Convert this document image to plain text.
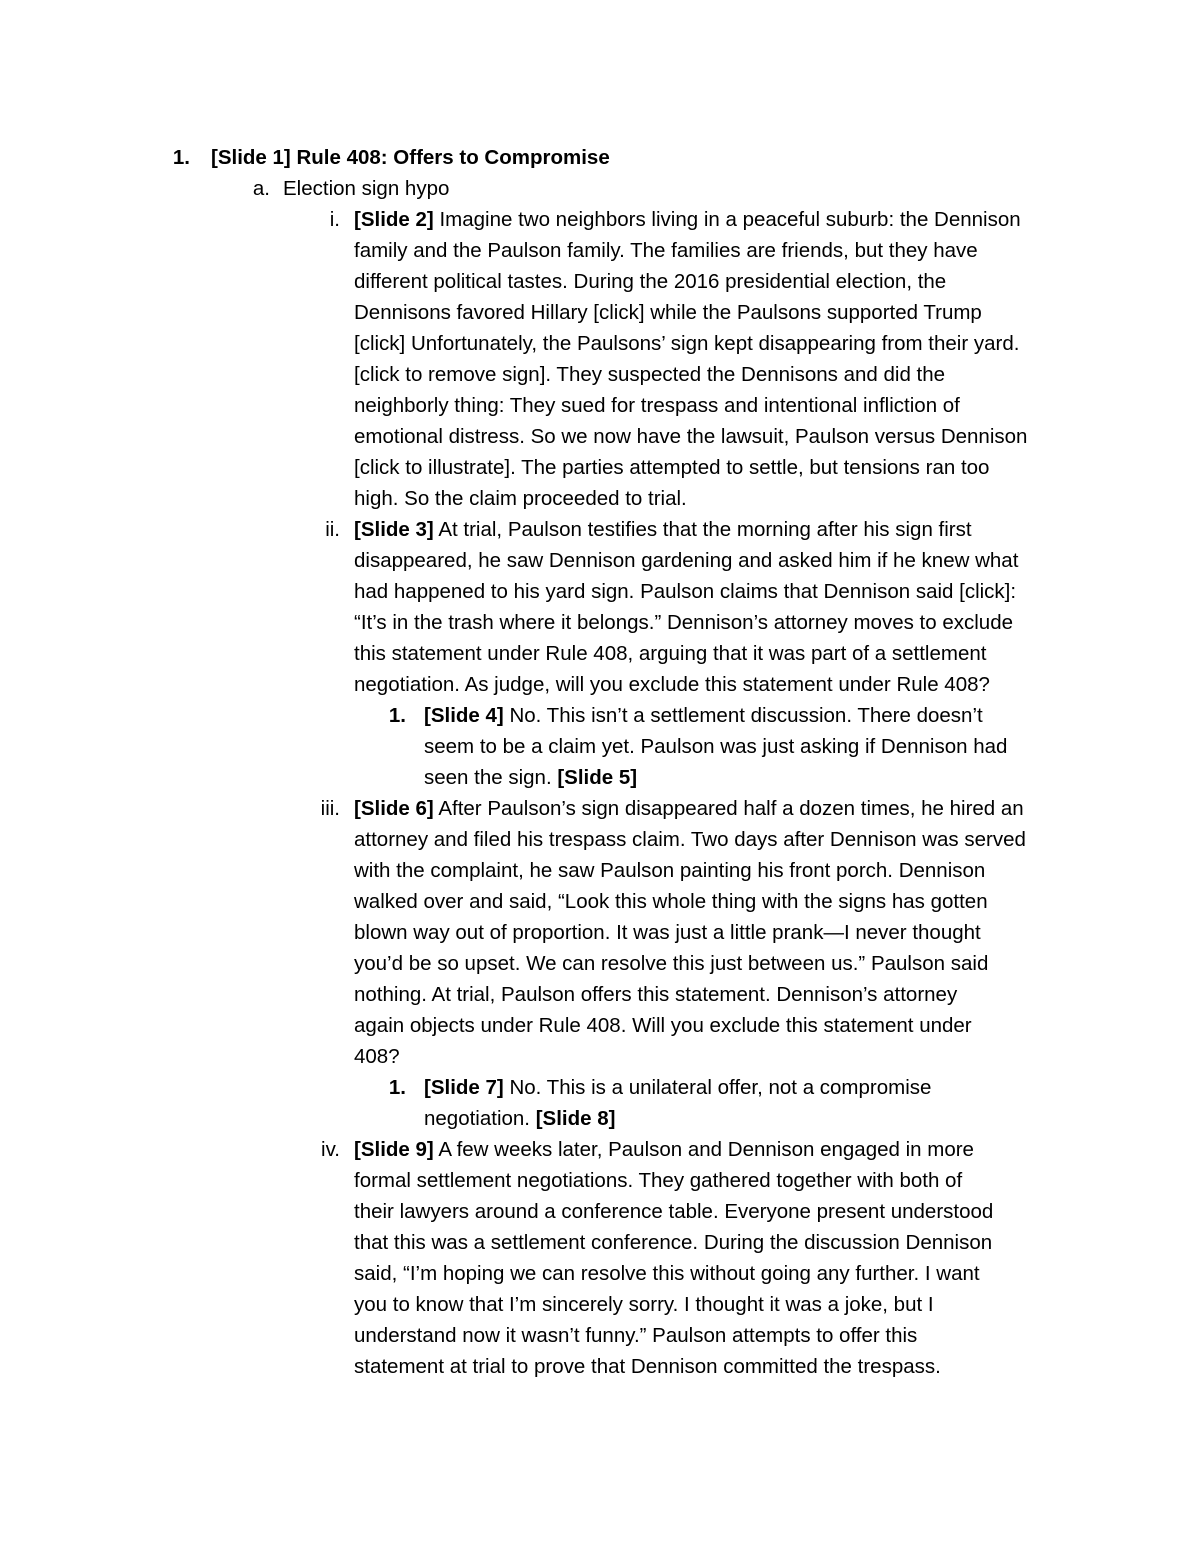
1. [Slide 1] Rule 408: Offers to Compromise
a. Election sign hypo
i. [Slide 2] Imagine two neighbors living in a peaceful suburb: the Dennison
family and the Paulson family. The families are friends, but they have
different political tastes. During the 2016 presidential election, the
Dennisons favored Hillary [click] while the Paulsons supported Trump
[click] Unfortunately, the Paulsons’ sign kept disappearing from their yard.
[click to remove sign]. They suspected the Dennisons and did the
neighborly thing: They sued for trespass and intentional infliction of
emotional distress. So we now have the lawsuit, Paulson versus Dennison
[click to illustrate]. The parties attempted to settle, but tensions ran too
high. So the claim proceeded to trial.
ii. [Slide 3] At trial, Paulson testifies that the morning after his sign first
disappeared, he saw Dennison gardening and asked him if he knew what
had happened to his yard sign. Paulson claims that Dennison said [click]:
“It’s in the trash where it belongs.” Dennison’s attorney moves to exclude
this statement under Rule 408, arguing that it was part of a settlement
negotiation. As judge, will you exclude this statement under Rule 408?
1. [Slide 4] No. This isn’t a settlement discussion. There doesn’t
seem to be a claim yet. Paulson was just asking if Dennison had
seen the sign. [Slide 5]
iii. [Slide 6] After Paulson’s sign disappeared half a dozen times, he hired an
attorney and filed his trespass claim. Two days after Dennison was served
with the complaint, he saw Paulson painting his front porch. Dennison
walked over and said, “Look this whole thing with the signs has gotten
blown way out of proportion. It was just a little prank—I never thought
you’d be so upset. We can resolve this just between us.” Paulson said
nothing. At trial, Paulson offers this statement. Dennison’s attorney
again objects under Rule 408. Will you exclude this statement under
408?
1. [Slide 7] No. This is a unilateral offer, not a compromise
negotiation. [Slide 8]
iv. [Slide 9] A few weeks later, Paulson and Dennison engaged in more
formal settlement negotiations. They gathered together with both of
their lawyers around a conference table. Everyone present understood
that this was a settlement conference. During the discussion Dennison
said, “I’m hoping we can resolve this without going any further. I want
you to know that I’m sincerely sorry. I thought it was a joke, but I
understand now it wasn’t funny.” Paulson attempts to offer this
statement at trial to prove that Dennison committed the trespass.
